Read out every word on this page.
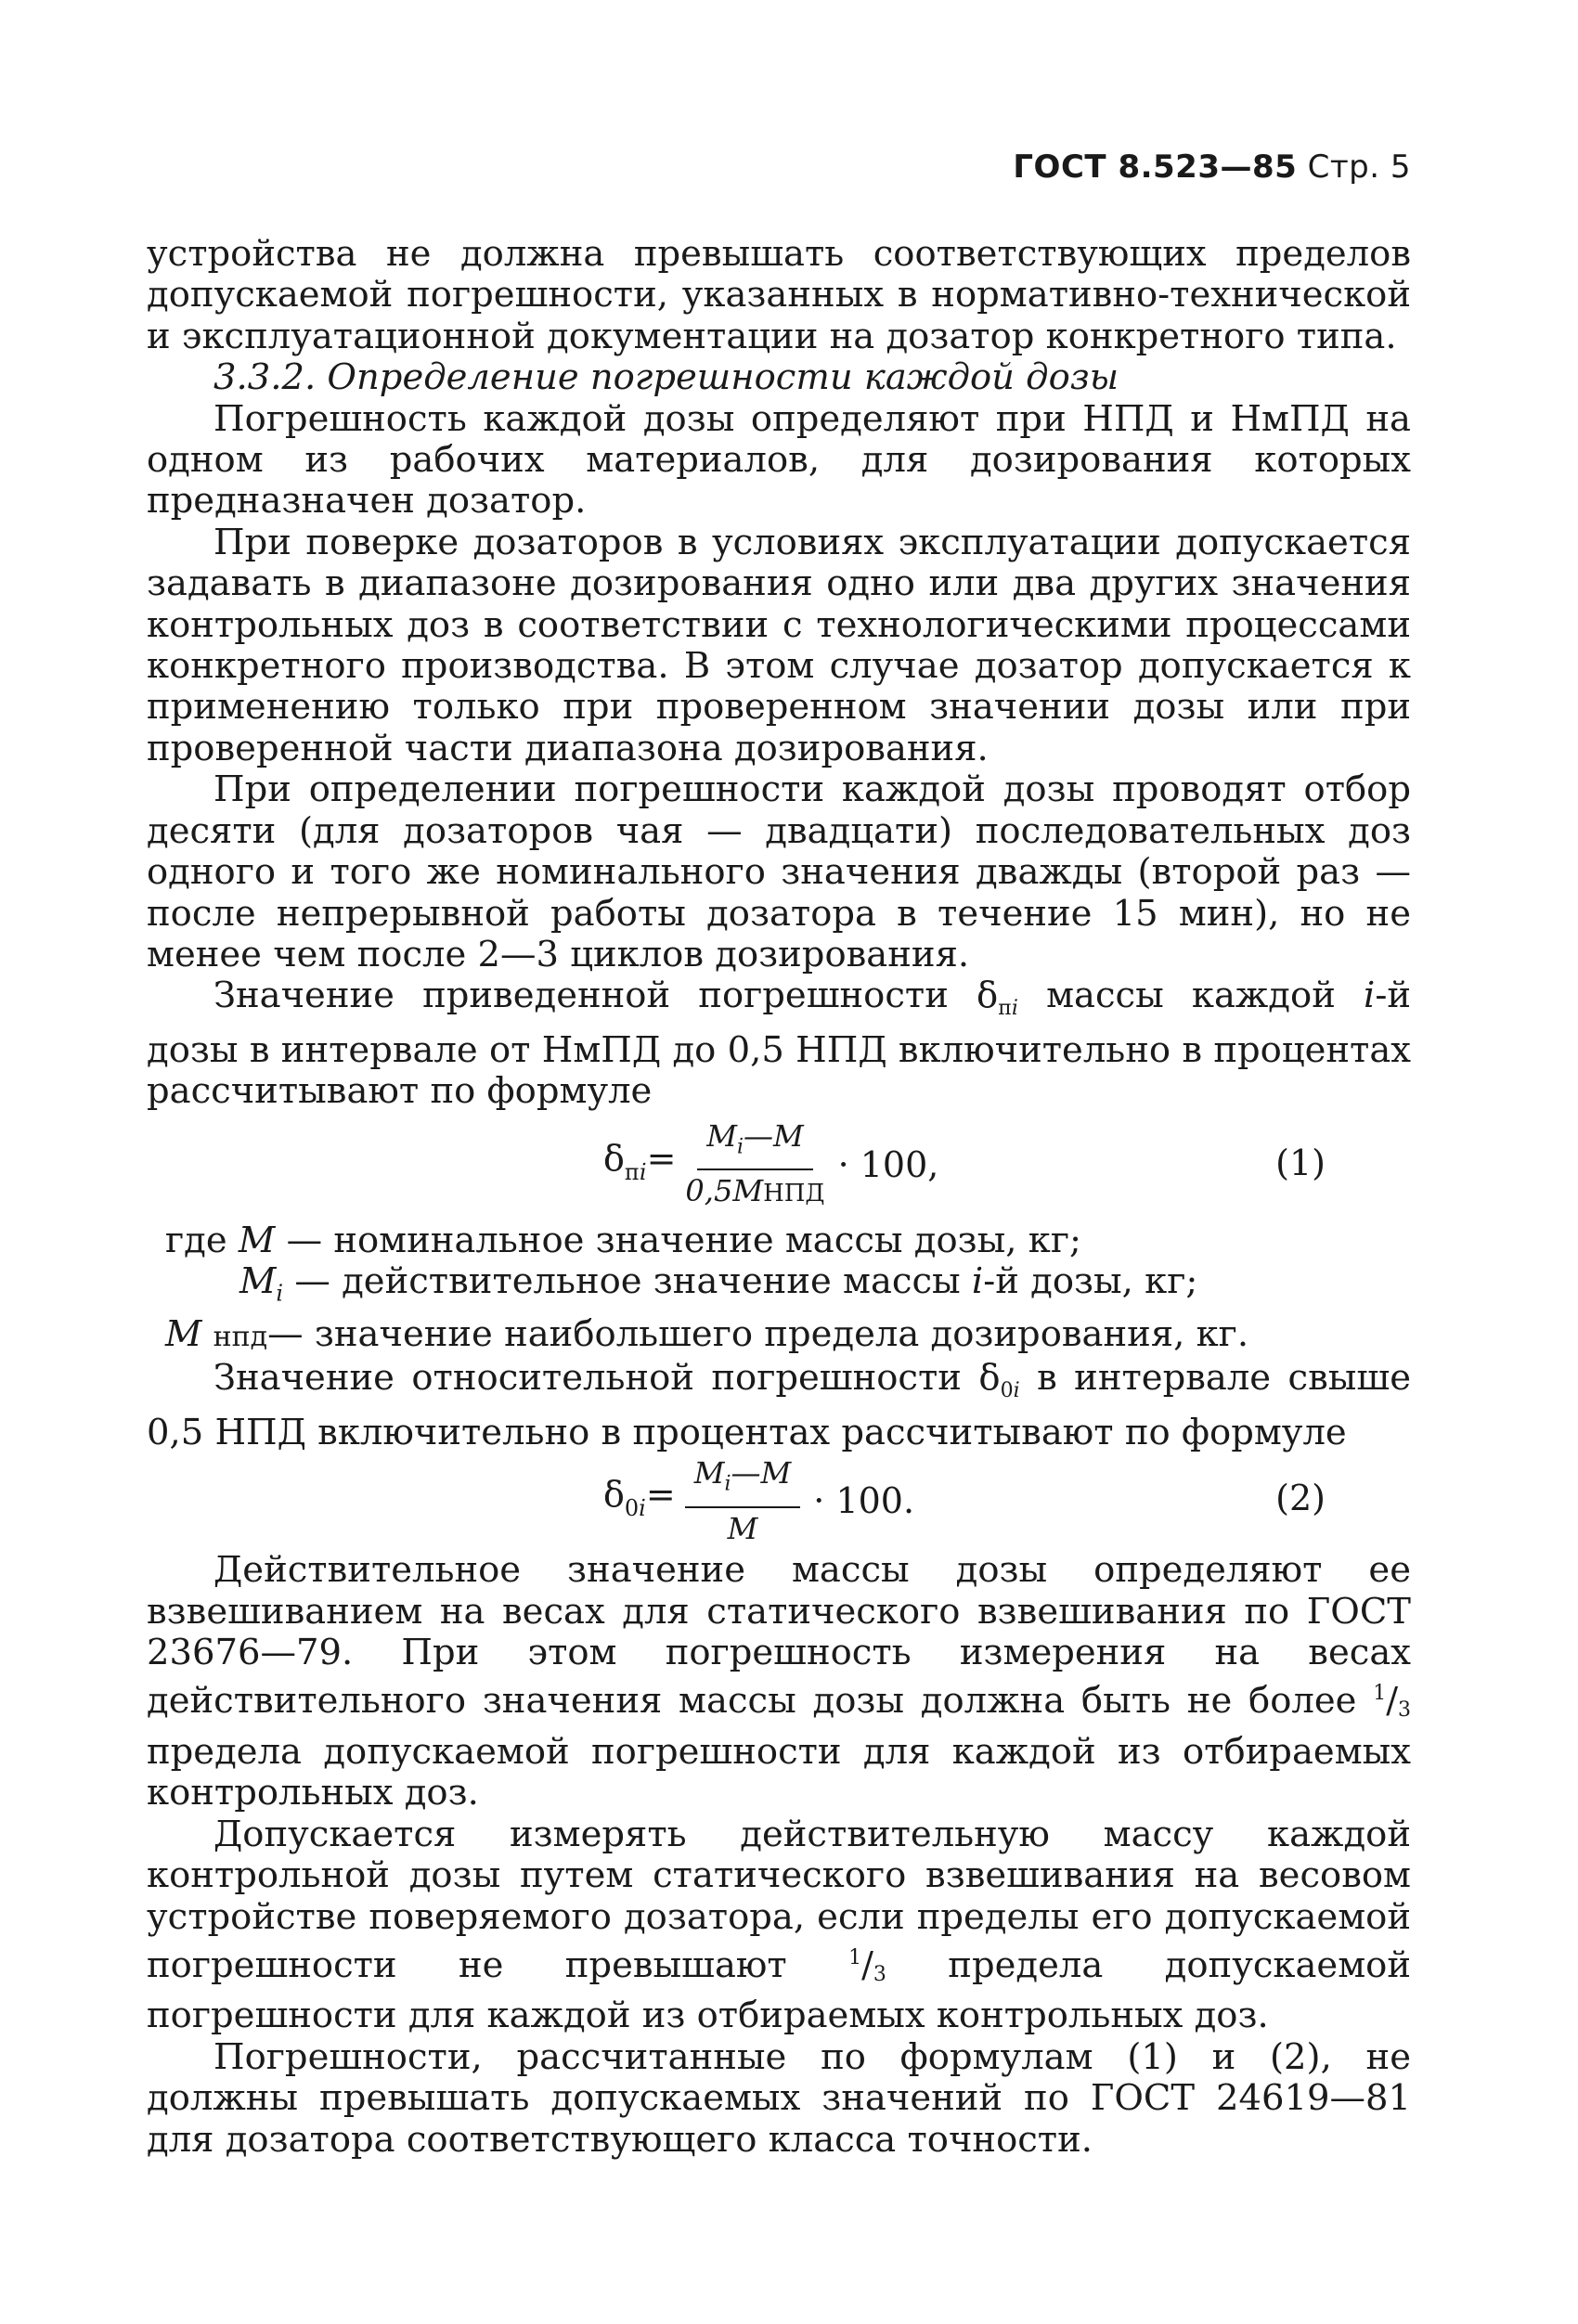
ГОСТ 8.523—85 Стр. 5

устройства не должна превышать соответствующих пределов допускаемой погрешности, указанных в нормативно-технической и эксплуатационной документации на дозатор конкретного типа.

3.3.2. Определение погрешности каждой дозы

Погрешность каждой дозы определяют при НПД и НмПД на одном из рабочих материалов, для дозирования которых предназначен дозатор.

При поверке дозаторов в условиях эксплуатации допускается задавать в диапазоне дозирования одно или два других значения контрольных доз в соответствии с технологическими процессами конкретного производства. В этом случае дозатор допускается к применению только при проверенном значении дозы или при проверенной части диапазона дозирования.

При определении погрешности каждой дозы проводят отбор десяти (для дозаторов чая — двадцати) последовательных доз одного и того же номинального значения дважды (второй раз — после непрерывной работы дозатора в течение 15 мин), но не менее чем после 2—3 циклов дозирования.

Значение приведенной погрешности $\delta_{пi}$ массы каждой i-й дозы в интервале от НмПД до 0,5 НПД включительно в процентах рассчитывают по формуле

$\delta_{пi}= \frac{M_i—M}{\text{0,5MНПД}} \cdot 100$,	(1)

где M — номинальное значение массы дозы, кг;

$M_i$ — действительное значение массы i-й дозы, кг;

M нпд— значение наибольшего предела дозирования, кг.

Значение относительной погрешности $\delta_{0i}$ в интервале свыше 0,5 НПД включительно в процентах рассчитывают по формуле

$\delta_{0i}= \frac{M_i—M}{M} \cdot 100$.	(2)

Действительное значение массы дозы определяют ее взвешиванием на весах для статического взвешивания по ГОСТ 23676—79. При этом погрешность измерения на весах действительного значения массы дозы должна быть не более $^1/_3$ предела допускаемой погрешности для каждой из отбираемых контрольных доз.

Допускается измерять действительную массу каждой контрольной дозы путем статического взвешивания на весовом устройстве поверяемого дозатора, если пределы его допускаемой погрешности не превышают	$^1/_3$ предела допускаемой погрешности для каждой из отбираемых контрольных доз.

Погрешности, рассчитанные по формулам (1) и (2), не должны превышать допускаемых значений по ГОСТ 24619—81 для дозатора соответствующего класса точности.
